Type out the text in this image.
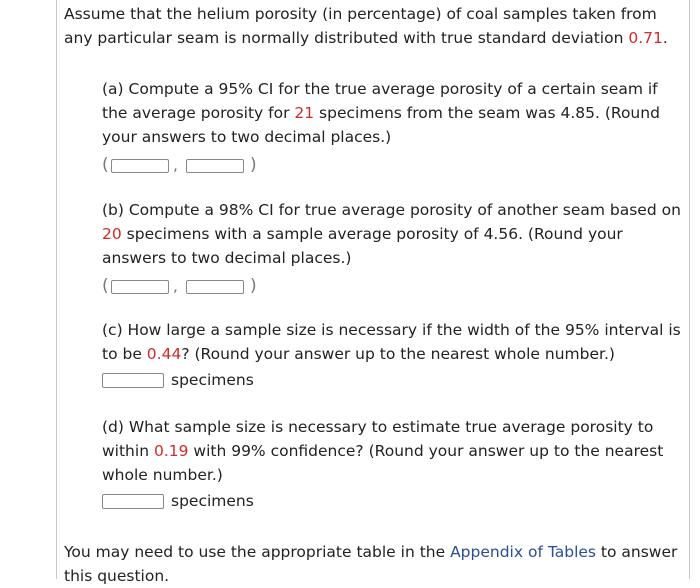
Assume that the helium porosity (in percentage) of coal samples taken from any particular seam is normally distributed with true standard deviation 0.71.
(a) Compute a 95% CI for the true average porosity of a certain seam if the average porosity for 21 specimens from the seam was 4.85. (Round your answers to two decimal places.)
(	,	)
(b) Compute a 98% CI for true average porosity of another seam based on 20 specimens with a sample average porosity of 4.56. (Round your answers to two decimal places.)
(	,	)
(c) How large a sample size is necessary if the width of the 95% interval is to be 0.44? (Round your answer up to the nearest whole number.)
specimens
(d) What sample size is necessary to estimate true average porosity to within 0.19 with 99% confidence? (Round your answer up to the nearest whole number.)
specimens
You may need to use the appropriate table in the Appendix of Tables to answer this question.
